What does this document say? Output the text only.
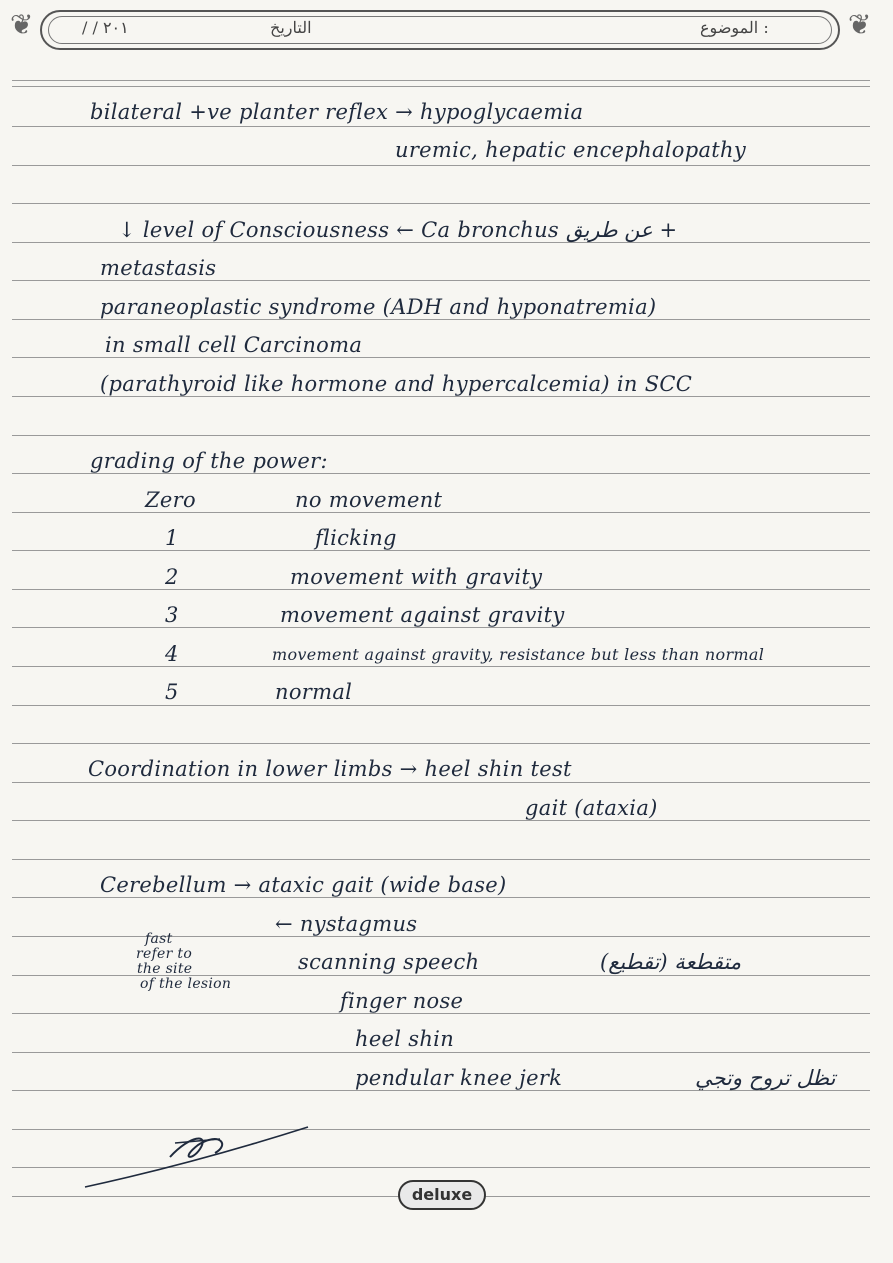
❦	❦
/ / ٢٠١	التاريخ	الموضوع :
bilateral +ve planter reflex → hypoglycaemia
uremic, hepatic encephalopathy
↓ level of Consciousness ← Ca bronchus عن طريق +
metastasis
paraneoplastic syndrome (ADH and hyponatremia)
in small cell Carcinoma
(parathyroid like hormone and hypercalcemia) in SCC
grading of the power:
Zero	no movement
1	flicking
2	movement with gravity
3	movement against gravity
4	movement against gravity, resistance but less than normal
5	normal
Coordination in lower limbs → heel shin test
gait (ataxia)
Cerebellum → ataxic gait (wide base)
← nystagmus
fast
refer to
the site
of the lesion
scanning speech	(تقطيع) متقطعة
finger nose
heel shin
pendular knee jerk	تظل تروح وتجي
deluxe
